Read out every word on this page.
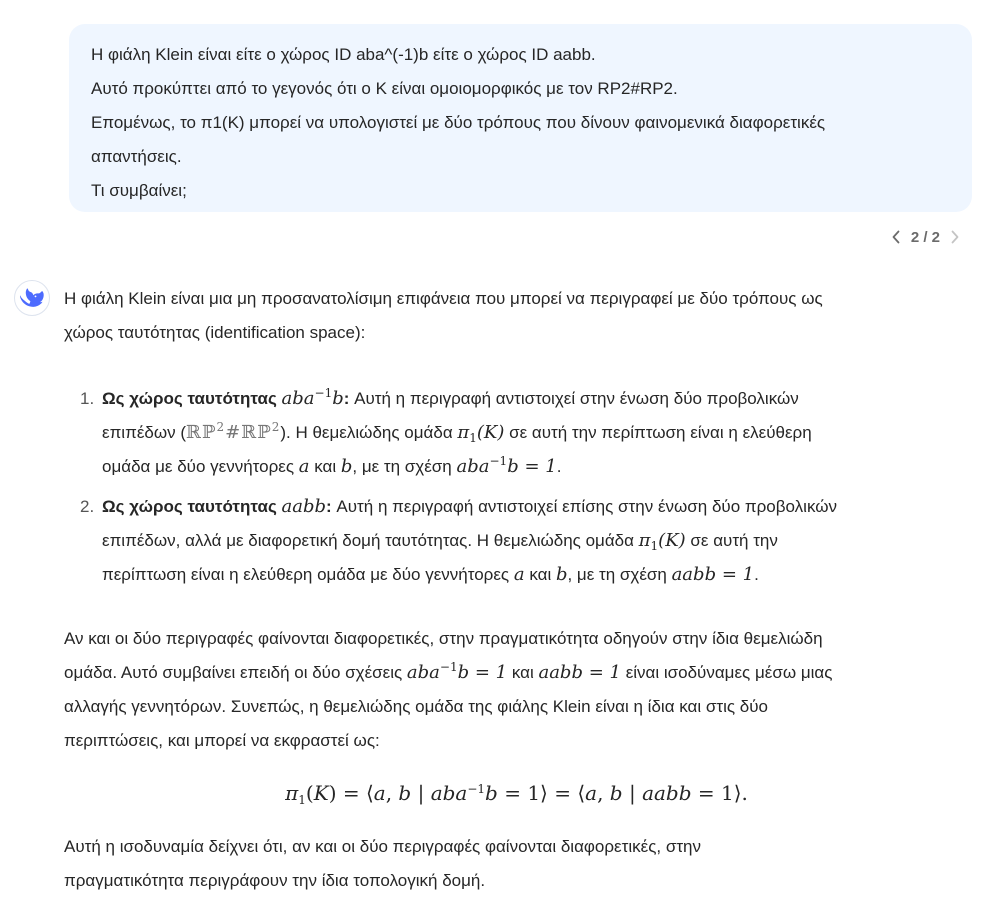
Η φιάλη Klein είναι είτε ο χώρος ID aba^(-1)b είτε ο χώρος ID aabb.
Αυτό προκύπτει από το γεγονός ότι ο K είναι ομοιομορφικός με τον RP2#RP2.
Επομένως, το π1(K) μπορεί να υπολογιστεί με δύο τρόπους που δίνουν φαινομενικά διαφορετικές
απαντήσεις.
Τι συμβαίνει;
2 / 2

Η φιάλη Klein είναι μια μη προσανατολίσιμη επιφάνεια που μπορεί να περιγραφεί με δύο τρόπους ως
χώρος ταυτότητας (identification space):

1. Ως χώρος ταυτότητας aba$^{-1}$b: Αυτή η περιγραφή αντιστοιχεί στην ένωση δύο προβολικών
επιπέδων (ℝℙ$^2$#ℝℙ$^2$). Η θεμελιώδης ομάδα $\pi_1(K)$ σε αυτή την περίπτωση είναι η ελεύθερη
ομάδα με δύο γεννήτορες a και b, με τη σχέση aba$^{-1}$b = 1.
2. Ως χώρος ταυτότητας aabb: Αυτή η περιγραφή αντιστοιχεί επίσης στην ένωση δύο προβολικών
επιπέδων, αλλά με διαφορετική δομή ταυτότητας. Η θεμελιώδης ομάδα $\pi_1(K)$ σε αυτή την
περίπτωση είναι η ελεύθερη ομάδα με δύο γεννήτορες a και b, με τη σχέση aabb = 1.

Αν και οι δύο περιγραφές φαίνονται διαφορετικές, στην πραγματικότητα οδηγούν στην ίδια θεμελιώδη
ομάδα. Αυτό συμβαίνει επειδή οι δύο σχέσεις aba$^{-1}$b = 1 και aabb = 1 είναι ισοδύναμες μέσω μιας
αλλαγής γεννητόρων. Συνεπώς, η θεμελιώδης ομάδα της φιάλης Klein είναι η ίδια και στις δύο
περιπτώσεις, και μπορεί να εκφραστεί ως:

$\pi_1(K)$ = ⟨a, b | aba$^{-1}$b = 1⟩ = ⟨a, b | aabb = 1⟩.

Αυτή η ισοδυναμία δείχνει ότι, αν και οι δύο περιγραφές φαίνονται διαφορετικές, στην
πραγματικότητα περιγράφουν την ίδια τοπολογική δομή.
